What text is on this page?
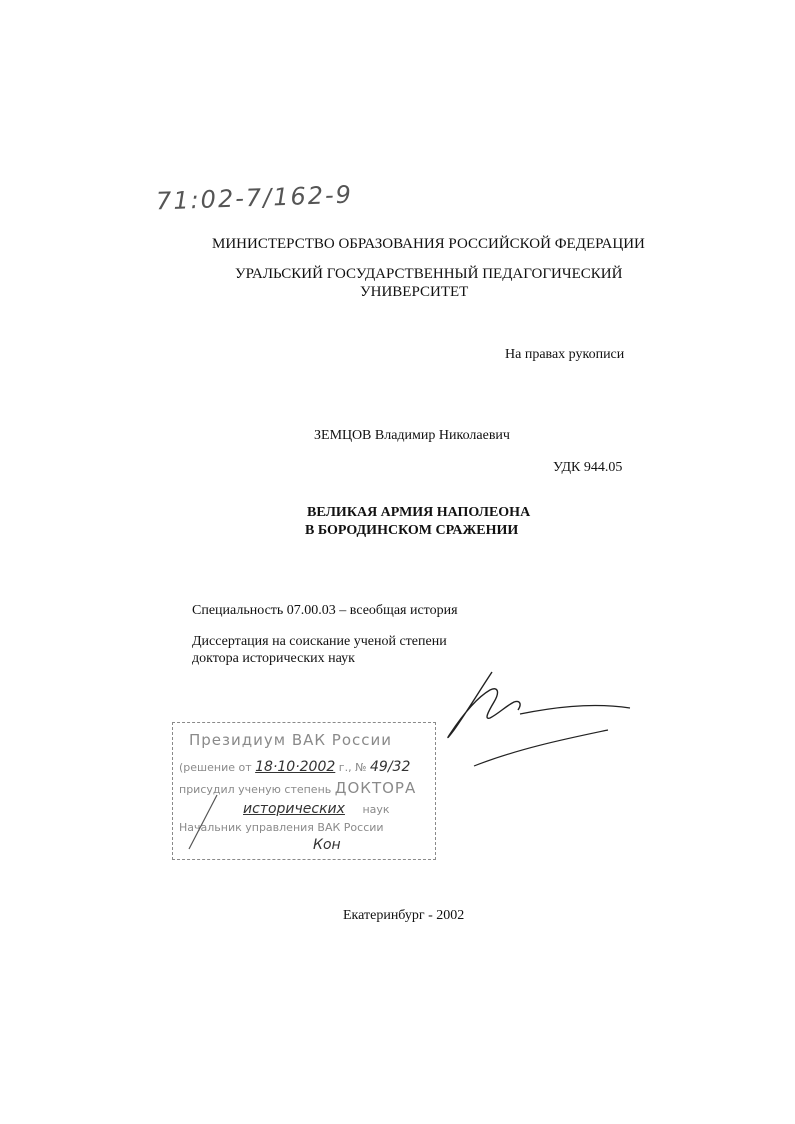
71:02-7/162-9
МИНИСТЕРСТВО ОБРАЗОВАНИЯ РОССИЙСКОЙ ФЕДЕРАЦИИ
УРАЛЬСКИЙ ГОСУДАРСТВЕННЫЙ ПЕДАГОГИЧЕСКИЙ
УНИВЕРСИТЕТ
На правах рукописи
ЗЕМЦОВ Владимир Николаевич
УДК 944.05
ВЕЛИКАЯ АРМИЯ НАПОЛЕОНА
В БОРОДИНСКОМ СРАЖЕНИИ
Специальность 07.00.03 – всеобщая история
Диссертация на соискание ученой степени
доктора исторических наук
Президиум ВАК России
(решение от 18·10·2002 г., № 49/32
присудил ученую степень ДОКТОРА
исторических наук
Начальник управления ВАК России
Кон
Екатеринбург - 2002
